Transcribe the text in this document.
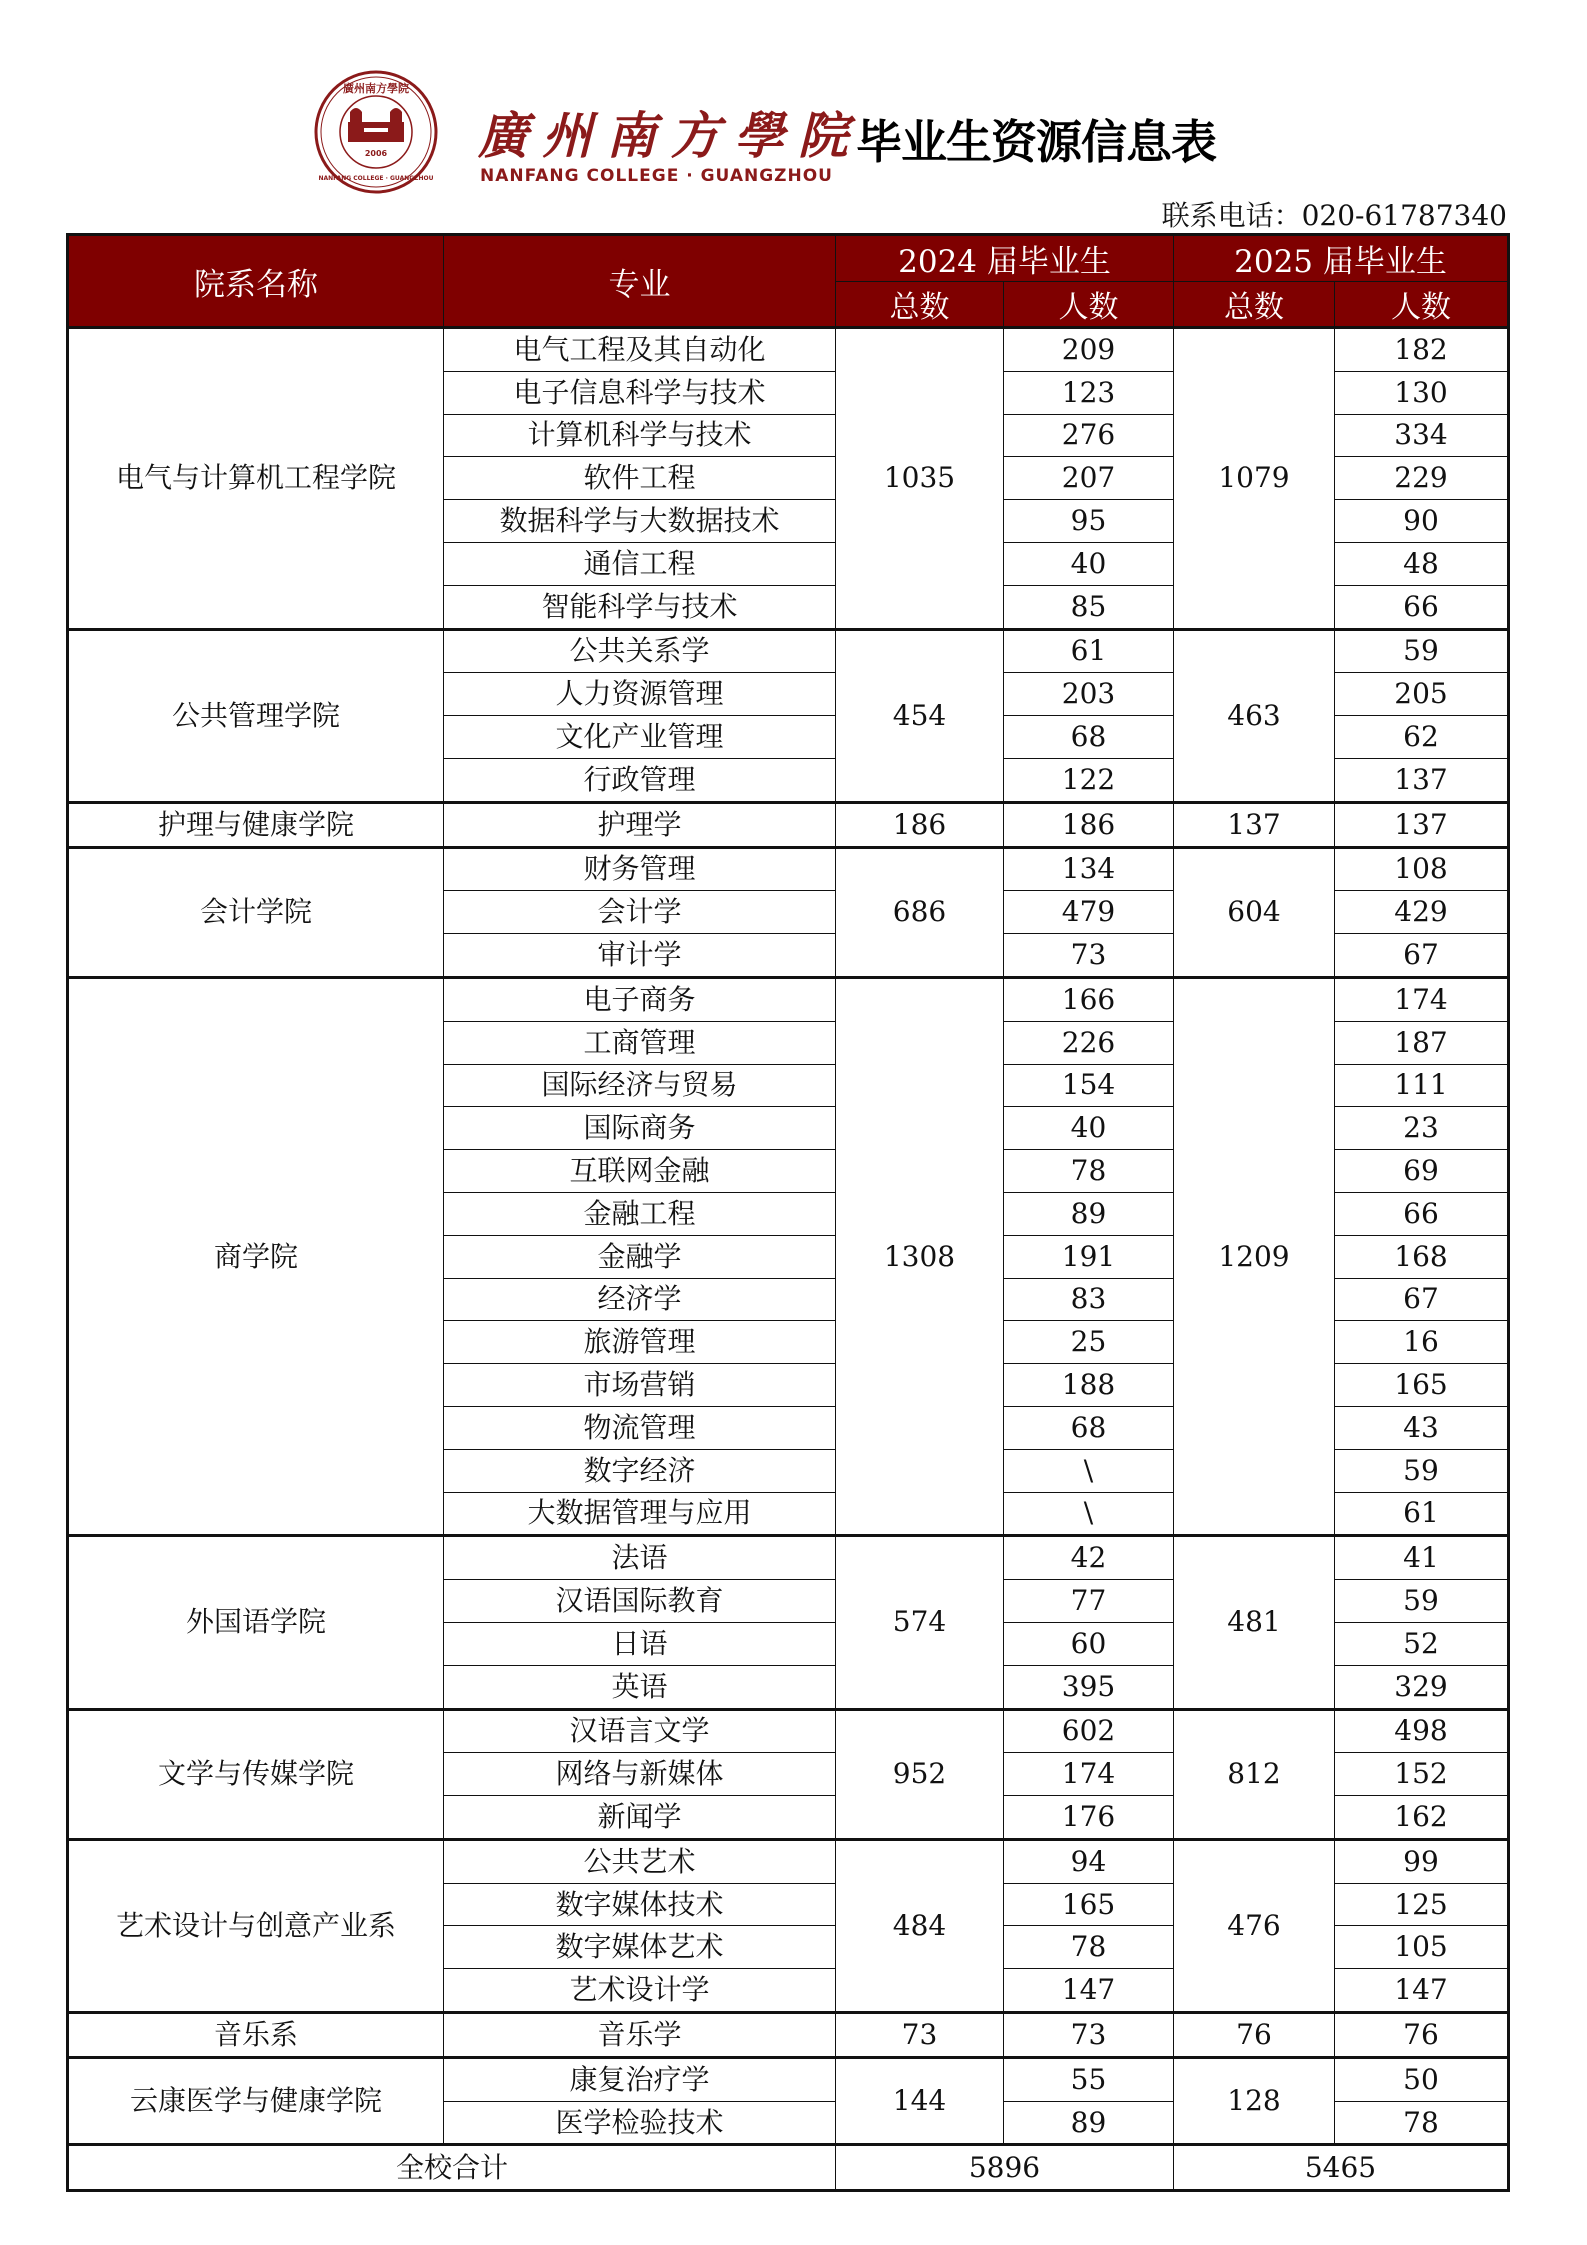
2006
廣州南方學院
NANFANG COLLEGE · GUANGZHOU
廣州南方學院
NANFANG COLLEGE · GUANGZHOU
毕业生资源信息表
联系电话：020-61787340
院系名称	专业	2024 届毕业生		2025 届毕业生	
		总数	人数	总数	人数
电气与计算机工程学院	电气工程及其自动化	1035	209	1079	182
	电子信息科学与技术		123		130
	计算机科学与技术		276		334
	软件工程		207		229
	数据科学与大数据技术		95		90
	通信工程		40		48
	智能科学与技术		85		66
公共管理学院	公共关系学	454	61	463	59
	人力资源管理		203		205
	文化产业管理		68		62
	行政管理		122		137
护理与健康学院	护理学	186	186	137	137
会计学院	财务管理	686	134	604	108
	会计学		479		429
	审计学		73		67
商学院	电子商务	1308	166	1209	174
	工商管理		226		187
	国际经济与贸易		154		111
	国际商务		40		23
	互联网金融		78		69
	金融工程		89		66
	金融学		191		168
	经济学		83		67
	旅游管理		25		16
	市场营销		188		165
	物流管理		68		43
	数字经济		\		59
	大数据管理与应用		\		61
外国语学院	法语	574	42	481	41
	汉语国际教育		77		59
	日语		60		52
	英语		395		329
文学与传媒学院	汉语言文学	952	602	812	498
	网络与新媒体		174		152
	新闻学		176		162
艺术设计与创意产业系	公共艺术	484	94	476	99
	数字媒体技术		165		125
	数字媒体艺术		78		105
	艺术设计学		147		147
音乐系	音乐学	73	73	76	76
云康医学与健康学院	康复治疗学	144	55	128	50
	医学检验技术		89		78
全校合计		5896		5465	
